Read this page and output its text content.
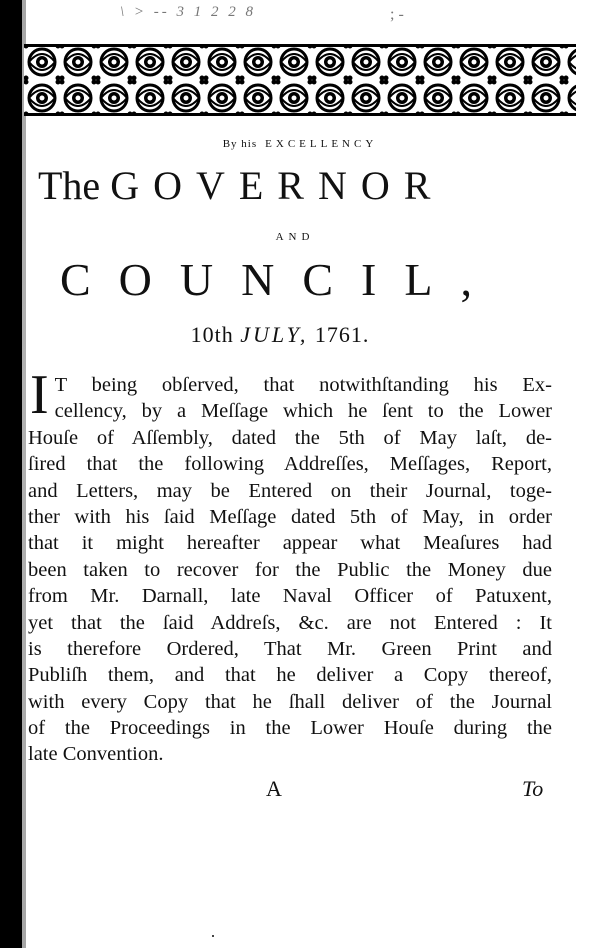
\ > -- 3 1 2 2 8	; -
By his EXCELLENCY
The GOVERNOR
AND
COUNCIL,
10th JULY, 1761.
I T being obſerved, that notwithſtanding his Ex-
cellency, by a Meſſage which he ſent to the Lower
Houſe of Aſſembly, dated the 5th of May laſt, de-
ſired that the following Addreſſes, Meſſages, Report,
and Letters, may be Entered on their Journal, toge-
ther with his ſaid Meſſage dated 5th of May, in order
that it might hereafter appear what Meaſures had
been taken to recover for the Public the Money due
from Mr. Darnall, late Naval Officer of Patuxent,
yet that the ſaid Addreſs, &c. are not Entered : It
is therefore Ordered, That Mr. Green Print and
Publiſh them, and that he deliver a Copy thereof,
with every Copy that he ſhall deliver of the Journal
of the Proceedings in the Lower Houſe during the
late Convention.
A	To
